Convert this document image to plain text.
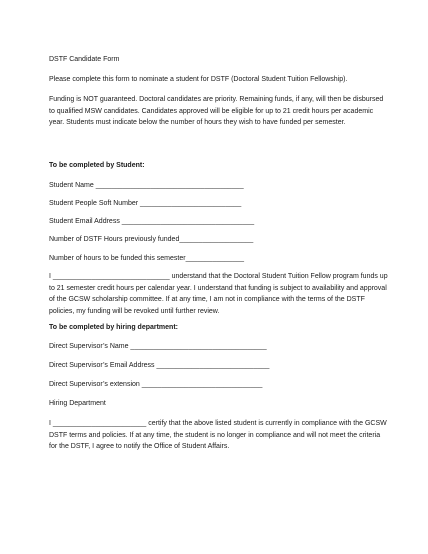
DSTF Candidate Form
Please complete this form to nominate a student for DSTF (Doctoral Student Tuition Fellowship).
Funding is NOT guaranteed. Doctoral candidates are priority. Remaining funds, if any, will then be disbursed to qualified MSW candidates. Candidates approved will be eligible for up to 21 credit hours per academic year. Students must indicate below the number of hours they wish to have funded per semester.
To be completed by Student:
Student Name ______________________________________
Student People Soft Number __________________________
Student Email Address __________________________________
Number of DSTF Hours previously funded___________________
Number of hours to be funded this semester_______________
I ______________________________ understand that the Doctoral Student Tuition Fellow program funds up to 21 semester credit hours per calendar year. I understand that funding is subject to availability and approval of the GCSW scholarship committee. If at any time, I am not in compliance with the terms of the DSTF policies, my funding will be revoked until further review.
To be completed by hiring department:
Direct Supervisor’s Name ___________________________________
Direct Supervisor’s Email Address _____________________________
Direct Supervisor’s extension _______________________________
Hiring Department
I ________________________ certify that the above listed student is currently in compliance with the GCSW DSTF terms and policies. If at any time, the student is no longer in compliance and will not meet the criteria for the DSTF, I agree to notify the Office of Student Affairs.
